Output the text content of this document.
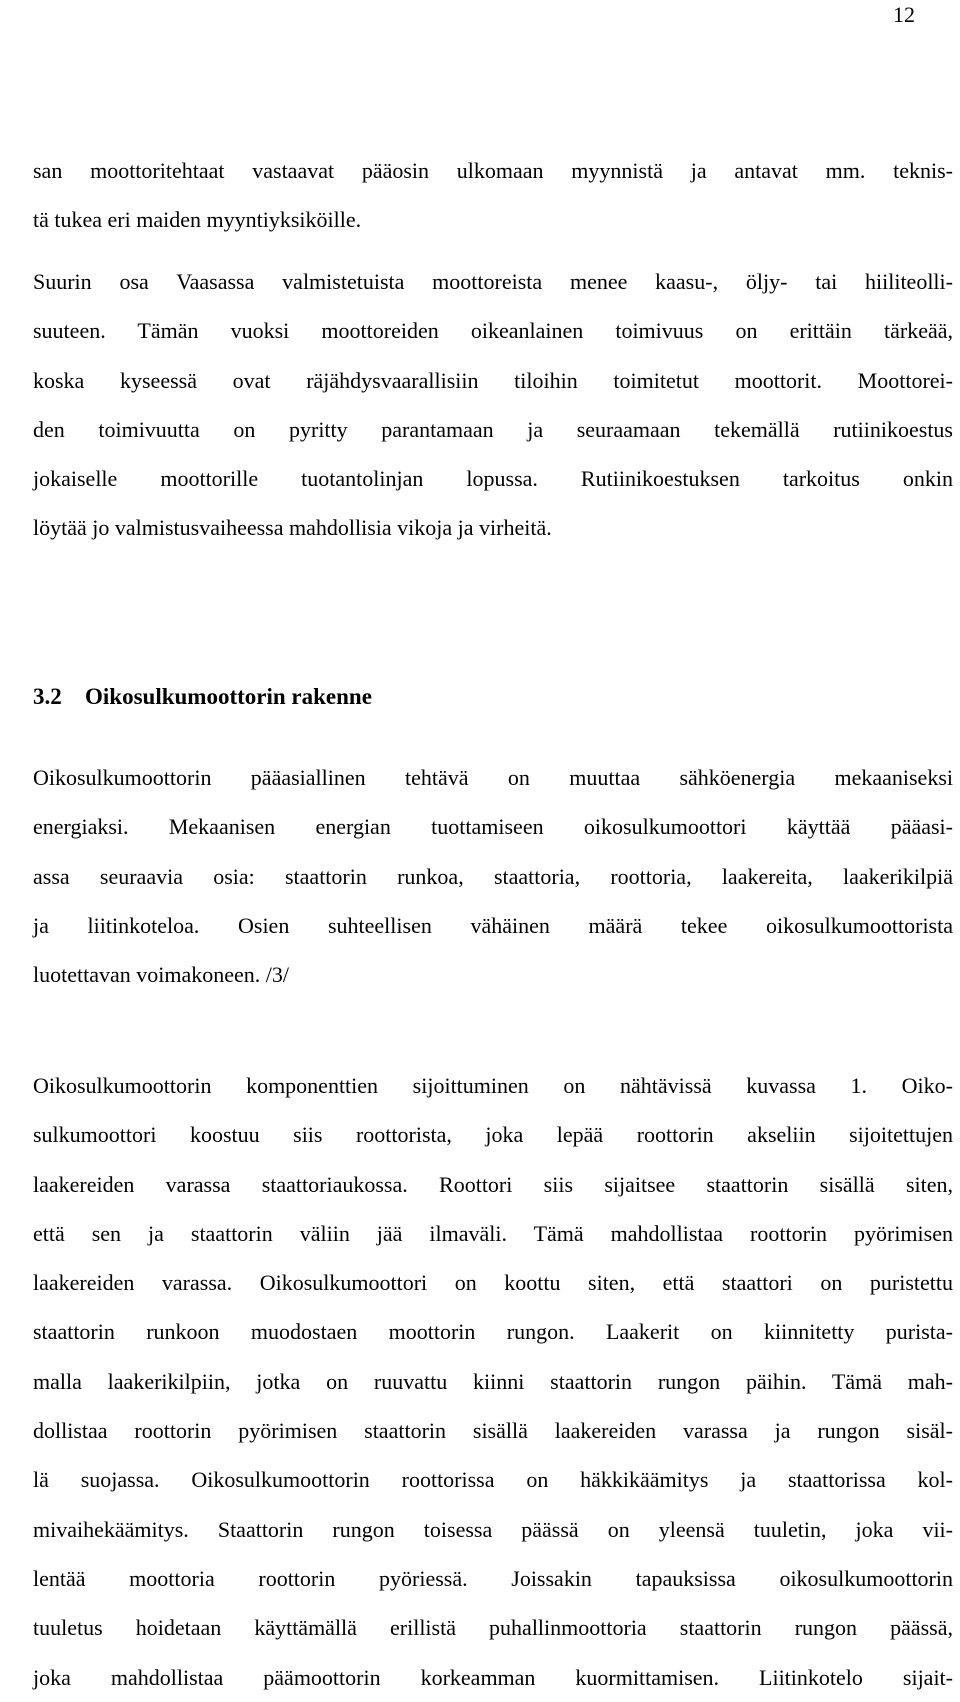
12
san moottoritehtaat vastaavat pääosin ulkomaan myynnistä ja antavat mm. teknis-
tä tukea eri maiden myyntiyksiköille.
Suurin osa Vaasassa valmistetuista moottoreista menee kaasu-, öljy- tai hiiliteolli-
suuteen. Tämän vuoksi moottoreiden oikeanlainen toimivuus on erittäin tärkeää,
koska kyseessä ovat räjähdysvaarallisiin tiloihin toimitetut moottorit. Moottorei-
den toimivuutta on pyritty parantamaan ja seuraamaan tekemällä rutiinikoestus
jokaiselle moottorille tuotantolinjan lopussa. Rutiinikoestuksen tarkoitus onkin
löytää jo valmistusvaiheessa mahdollisia vikoja ja virheitä.
3.2 Oikosulkumoottorin rakenne
Oikosulkumoottorin pääasiallinen tehtävä on muuttaa sähköenergia mekaaniseksi
energiaksi. Mekaanisen energian tuottamiseen oikosulkumoottori käyttää pääasi-
assa seuraavia osia: staattorin runkoa, staattoria, roottoria, laakereita, laakerikilpiä
ja liitinkoteloa. Osien suhteellisen vähäinen määrä tekee oikosulkumoottorista
luotettavan voimakoneen. /3/
Oikosulkumoottorin komponenttien sijoittuminen on nähtävissä kuvassa 1. Oiko-
sulkumoottori koostuu siis roottorista, joka lepää roottorin akseliin sijoitettujen
laakereiden varassa staattoriaukossa. Roottori siis sijaitsee staattorin sisällä siten,
että sen ja staattorin väliin jää ilmaväli. Tämä mahdollistaa roottorin pyörimisen
laakereiden varassa. Oikosulkumoottori on koottu siten, että staattori on puristettu
staattorin runkoon muodostaen moottorin rungon. Laakerit on kiinnitetty purista-
malla laakerikilpiin, jotka on ruuvattu kiinni staattorin rungon päihin. Tämä mah-
dollistaa roottorin pyörimisen staattorin sisällä laakereiden varassa ja rungon sisäl-
lä suojassa. Oikosulkumoottorin roottorissa on häkkikäämitys ja staattorissa kol-
mivaihekäämitys. Staattorin rungon toisessa päässä on yleensä tuuletin, joka vii-
lentää moottoria roottorin pyöriessä. Joissakin tapauksissa oikosulkumoottorin
tuuletus hoidetaan käyttämällä erillistä puhallinmoottoria staattorin rungon päässä,
joka mahdollistaa päämoottorin korkeamman kuormittamisen. Liitinkotelo sijait-
